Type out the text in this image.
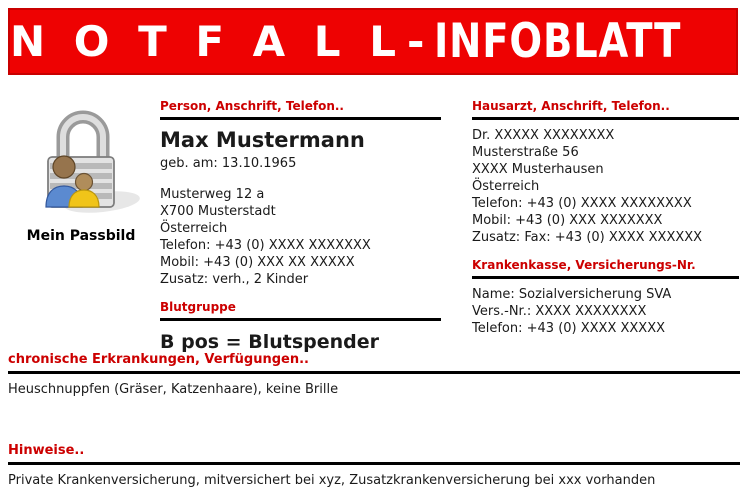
N O T F A L L - INFOBLATT
Mein Passbild
Person, Anschrift, Telefon..
Max Mustermann
geb. am: 13.10.1965
Musterweg 12 a
X700 Musterstadt
Österreich
Telefon: +43 (0) XXXX XXXXXXX
Mobil: +43 (0) XXX XX XXXXX
Zusatz: verh., 2 Kinder
Blutgruppe
B pos = Blutspender
Hausarzt, Anschrift, Telefon..
Dr. XXXXX XXXXXXXX
Musterstraße 56
XXXX Musterhausen
Österreich
Telefon: +43 (0) XXXX XXXXXXXX
Mobil: +43 (0) XXX XXXXXXX
Zusatz: Fax: +43 (0) XXXX XXXXXX
Krankenkasse, Versicherungs-Nr.
Name: Sozialversicherung SVA
Vers.-Nr.: XXXX XXXXXXXX
Telefon: +43 (0) XXXX XXXXX
chronische Erkrankungen, Verfügungen..
Heuschnuppfen (Gräser, Katzenhaare), keine Brille
Hinweise..
Private Krankenversicherung, mitversichert bei xyz, Zusatzkrankenversicherung bei xxx vorhanden
